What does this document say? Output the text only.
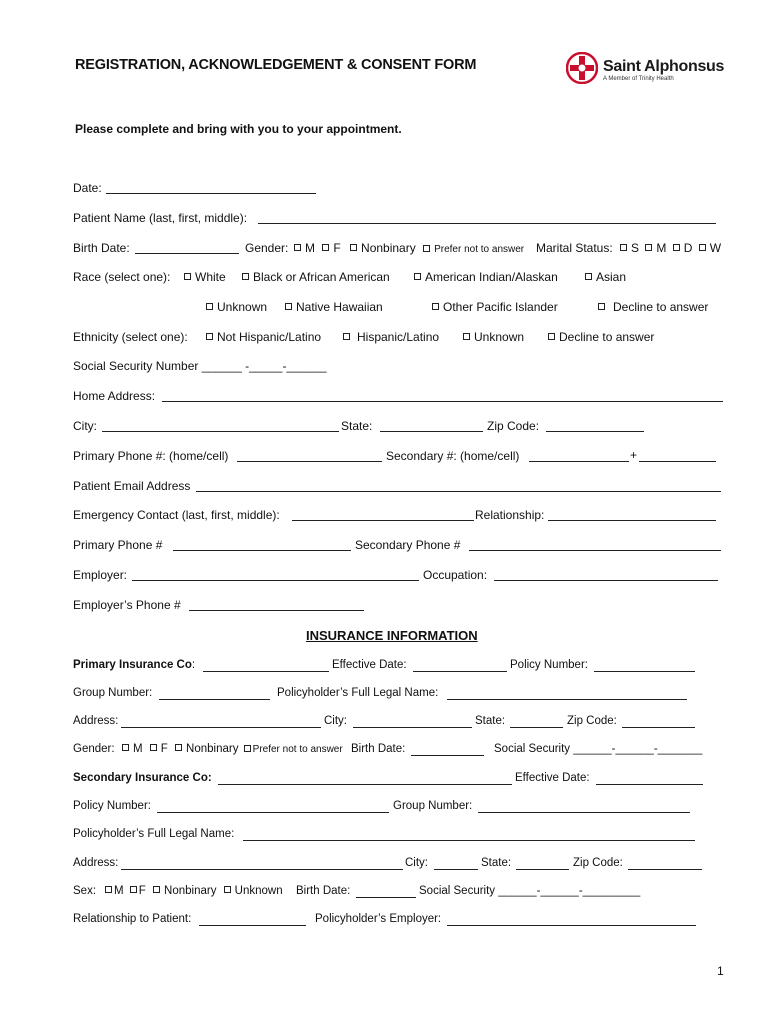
REGISTRATION, ACKNOWLEDGEMENT & CONSENT FORM	Saint Alphonsus
A Member of Trinity Health
Please complete and bring with you to your appointment.
Date:
Patient Name (last, first, middle):
Birth Date:	Gender:	M F Nonbinary Prefer not to answer Marital Status:	S M D W
Race (select one):	White	Black or African American	American Indian/Alaskan	Asian
Unknown	Native Hawaiian	Other Pacific Islander	Decline to answer
Ethnicity (select one):	Not Hispanic/Latino	Hispanic/Latino	Unknown	Decline to answer
Social Security Number ______ -_____-______
Home Address:
City:	State:	Zip Code:
Primary Phone #: (home/cell)	Secondary #: (home/cell)	+
Patient Email Address
Emergency Contact (last, first, middle):	Relationship:
Primary Phone #	Secondary Phone #
Employer:	Occupation:
Employer’s Phone #
INSURANCE INFORMATION
Primary Insurance Co:	Effective Date:	Policy Number:
Group Number:	Policyholder’s Full Legal Name:
Address:	City:	State:	Zip Code:
Gender:	M F Nonbinary Prefer not to answer Birth Date:	Social Security ______-______-_______
Secondary Insurance Co:	Effective Date:
Policy Number:	Group Number:
Policyholder’s Full Legal Name:
Address:	City:	State:	Zip Code:
Sex:	M F Nonbinary Unknown Birth Date:	Social Security ______-______-_________
Relationship to Patient:	Policyholder’s Employer:
1
